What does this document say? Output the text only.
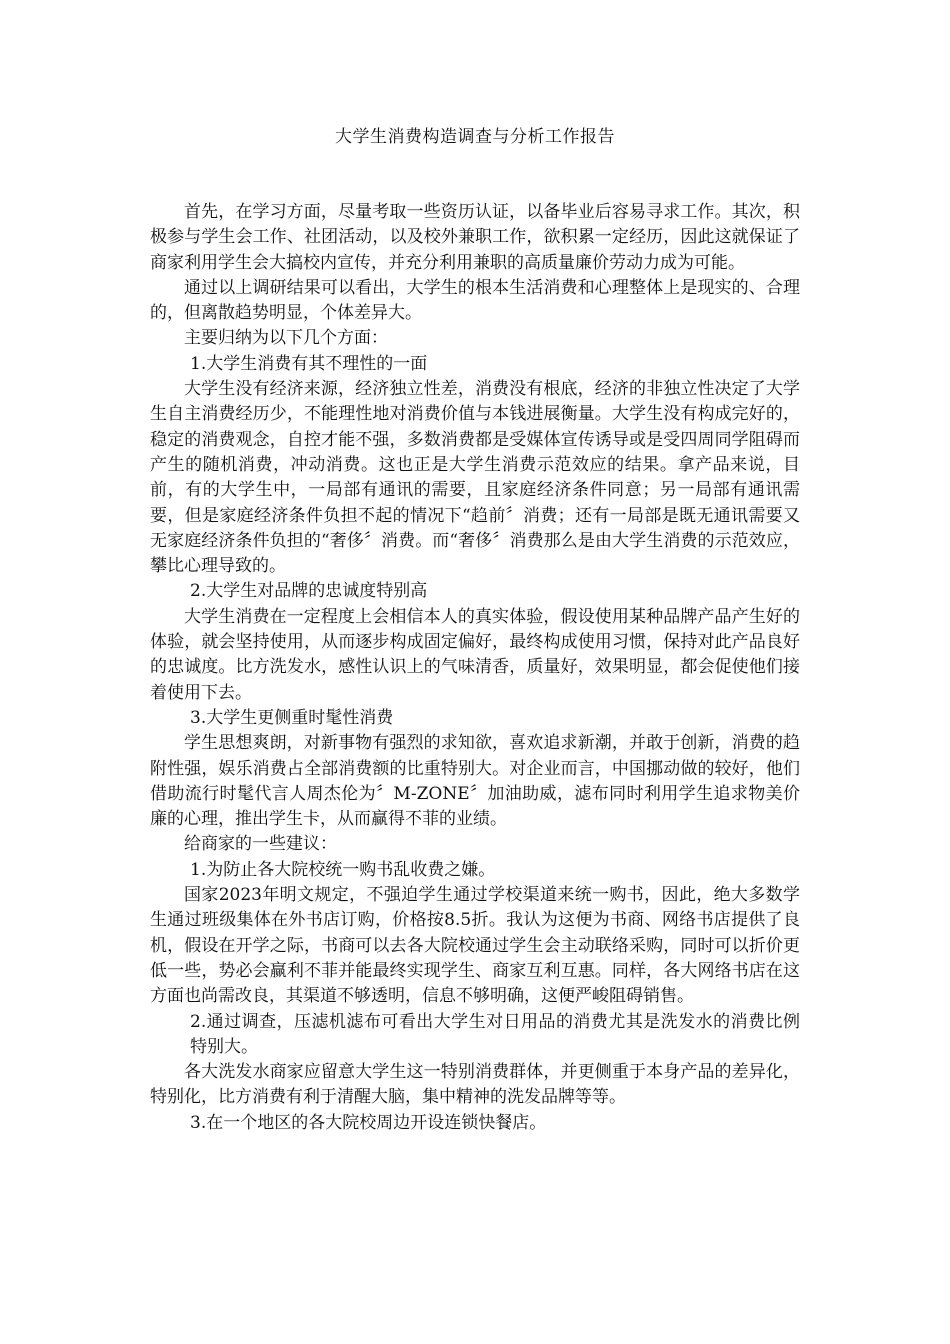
大学生消费构造调查与分析工作报告

首先，在学习方面，尽量考取一些资历认证，以备毕业后容易寻求工作。其次，积极参与学生会工作、社团活动，以及校外兼职工作，欲积累一定经历，因此这就保证了商家利用学生会大搞校内宣传，并充分利用兼职的高质量廉价劳动力成为可能。

通过以上调研结果可以看出，大学生的根本生活消费和心理整体上是现实的、合理的，但离散趋势明显，个体差异大。

主要归纳为以下几个方面：

1.大学生消费有其不理性的一面

大学生没有经济来源，经济独立性差，消费没有根底，经济的非独立性决定了大学生自主消费经历少，不能理性地对消费价值与本钱进展衡量。大学生没有构成完好的，稳定的消费观念，自控才能不强，多数消费都是受媒体宣传诱导或是受四周同学阻碍而产生的随机消费，冲动消费。这也正是大学生消费示范效应的结果。拿产品来说，目前，有的大学生中，一局部有通讯的需要，且家庭经济条件同意；另一局部有通讯需要，但是家庭经济条件负担不起的情况下“趋前〞消费；还有一局部是既无通讯需要又无家庭经济条件负担的“奢侈〞消费。而“奢侈〞消费那么是由大学生消费的示范效应，攀比心理导致的。

2.大学生对品牌的忠诚度特别高

大学生消费在一定程度上会相信本人的真实体验，假设使用某种品牌产品产生好的体验，就会坚持使用，从而逐步构成固定偏好，最终构成使用习惯，保持对此产品良好的忠诚度。比方洗发水，感性认识上的气味清香，质量好，效果明显，都会促使他们接着使用下去。

3.大学生更侧重时髦性消费

学生思想爽朗，对新事物有强烈的求知欲，喜欢追求新潮，并敢于创新，消费的趋附性强，娱乐消费占全部消费额的比重特别大。对企业而言，中国挪动做的较好，他们借助流行时髦代言人周杰伦为〞M-ZONE〞加油助威，滤布同时利用学生追求物美价廉的心理，推出学生卡，从而赢得不菲的业绩。

给商家的一些建议：

1.为防止各大院校统一购书乱收费之嫌。

国家2023年明文规定，不强迫学生通过学校渠道来统一购书，因此，绝大多数学生通过班级集体在外书店订购，价格按8.5折。我认为这便为书商、网络书店提供了良机，假设在开学之际，书商可以去各大院校通过学生会主动联络采购，同时可以折价更低一些，势必会赢利不菲并能最终实现学生、商家互利互惠。同样，各大网络书店在这方面也尚需改良，其渠道不够透明，信息不够明确，这便严峻阻碍销售。

2.通过调查，压滤机滤布可看出大学生对日用品的消费尤其是洗发水的消费比例特别大。

各大洗发水商家应留意大学生这一特别消费群体，并更侧重于本身产品的差异化，特别化，比方消费有利于清醒大脑，集中精神的洗发品牌等等。

3.在一个地区的各大院校周边开设连锁快餐店。
